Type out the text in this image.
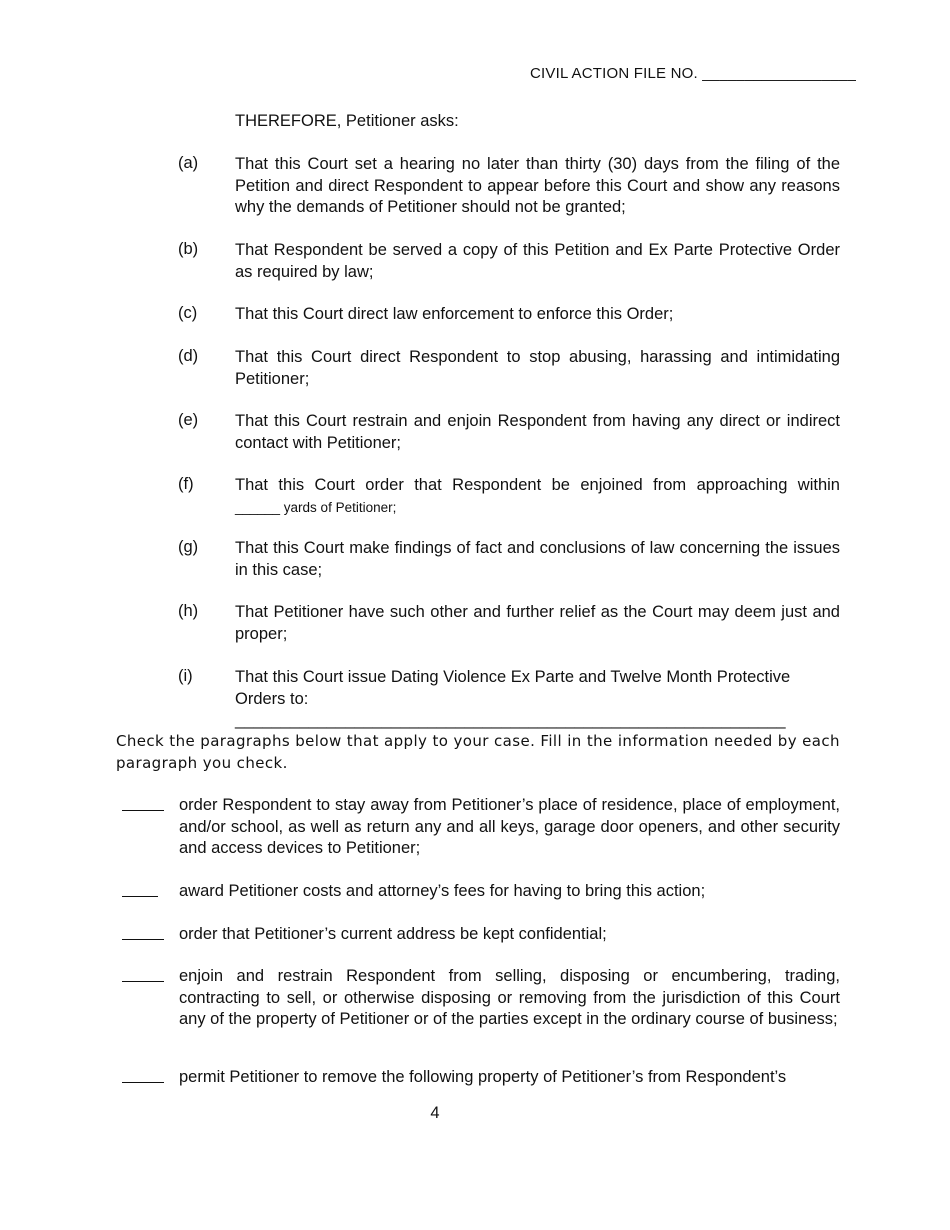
CIVIL ACTION FILE NO. __________________
THEREFORE, Petitioner asks:
(a)	That this Court set a hearing no later than thirty (30) days from the filing of the Petition and direct Respondent to appear before this Court and show any reasons why the demands of Petitioner should not be granted;
(b)	That Respondent be served a copy of this Petition and Ex Parte Protective Order as required by law;
(c)	That this Court direct law enforcement to enforce this Order;
(d)	That this Court direct Respondent to stop abusing, harassing and intimidating Petitioner;
(e)	That this Court restrain and enjoin Respondent from having any direct or indirect contact with Petitioner;
(f)	That this Court order that Respondent be enjoined from approaching within
______ yards of Petitioner;
(g)	That this Court make findings of fact and conclusions of law concerning the issues in this case;
(h)	That Petitioner have such other and further relief as the Court may deem just and proper;
(i)	That this Court issue Dating Violence Ex Parte and Twelve Month Protective Orders to: ____________________________________________________________
Check the paragraphs below that apply to your case. Fill in the information needed by each paragraph you check.
order Respondent to stay away from Petitioner’s place of residence, place of employment, and/or school, as well as return any and all keys, garage door openers, and other security and access devices to Petitioner;
award Petitioner costs and attorney’s fees for having to bring this action;
order that Petitioner’s current address be kept confidential;
enjoin and restrain Respondent from selling, disposing or encumbering, trading, contracting to sell, or otherwise disposing or removing from the jurisdiction of this Court any of the property of Petitioner or of the parties except in the ordinary course of business;
permit Petitioner to remove the following property of Petitioner’s from Respondent’s
4
